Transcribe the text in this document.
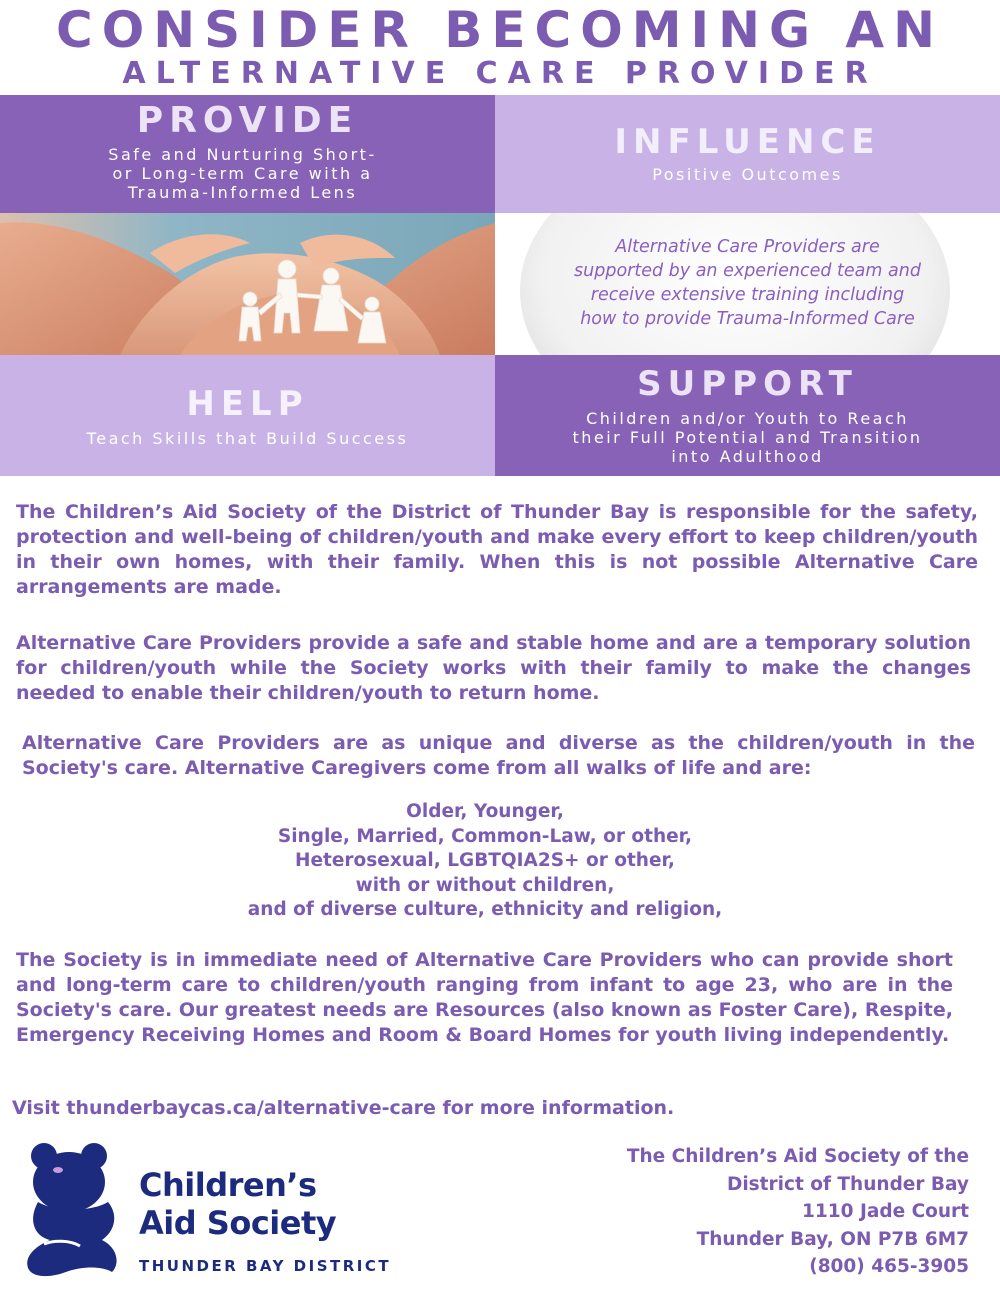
CONSIDER BECOMING AN
ALTERNATIVE CARE PROVIDER
PROVIDE
Safe and Nurturing Short-
or Long-term Care with a
Trauma-Informed Lens
INFLUENCE
Positive Outcomes
Alternative Care Providers are
supported by an experienced team and
receive extensive training including
how to provide Trauma-Informed Care
HELP
Teach Skills that Build Success
SUPPORT
Children and/or Youth to Reach
their Full Potential and Transition
into Adulthood

The Children’s Aid Society of the District of Thunder Bay is responsible for the safety, protection and well-being of children/youth and make every effort to keep children/youth in their own homes, with their family. When this is not possible Alternative Care arrangements are made.

Alternative Care Providers provide a safe and stable home and are a temporary solution for children/youth while the Society works with their family to make the changes needed to enable their children/youth to return home.

Alternative Care Providers are as unique and diverse as the children/youth in the Society's care. Alternative Caregivers come from all walks of life and are:

Older, Younger,
Single, Married, Common-Law, or other,
Heterosexual, LGBTQIA2S+ or other,
with or without children,
and of diverse culture, ethnicity and religion,

The Society is in immediate need of Alternative Care Providers who can provide short and long-term care to children/youth ranging from infant to age 23, who are in the Society's care. Our greatest needs are Resources (also known as Foster Care), Respite, Emergency Receiving Homes and Room & Board Homes for youth living independently.

Visit thunderbaycas.ca/alternative-care for more information.
Children’s
Aid Society
THUNDER BAY DISTRICT
The Children’s Aid Society of the
District of Thunder Bay
1110 Jade Court
Thunder Bay, ON P7B 6M7
(800) 465-3905
